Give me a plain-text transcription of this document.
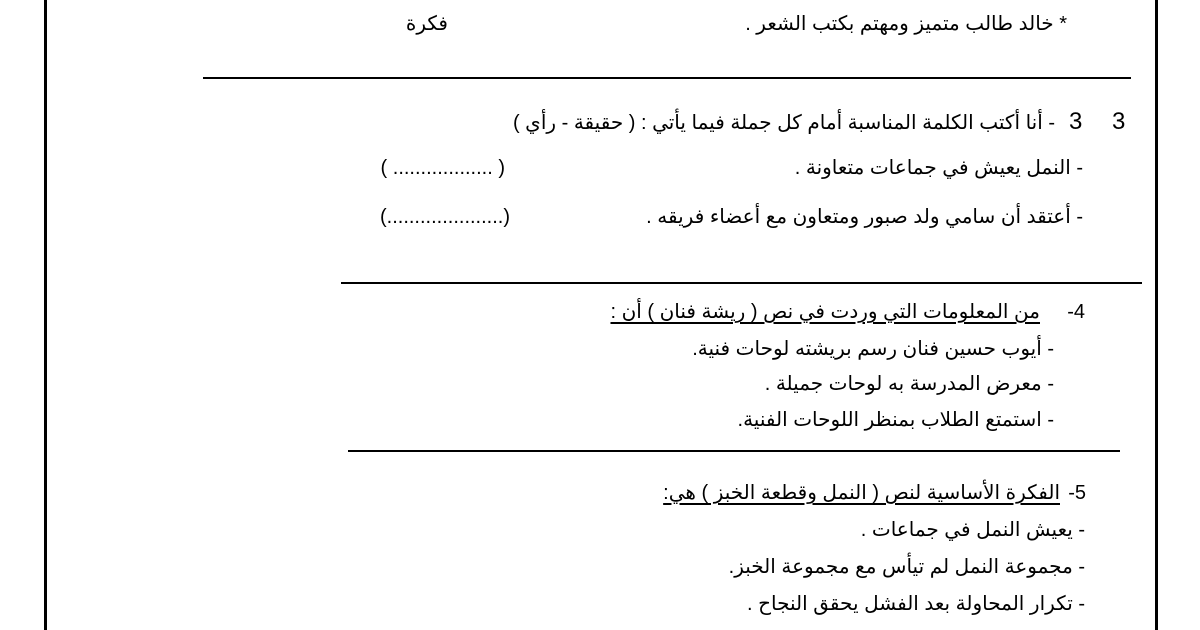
* خالد طالب متميز ومهتم بكتب الشعر .
فكرة
3
3
- أنا أكتب الكلمة المناسبة أمام كل جملة فيما يأتي : ( حقيقة - رأي )
- النمل يعيش في جماعات متعاونة .
( .................. )
- أعتقد أن سامي ولد صبور ومتعاون مع أعضاء فريقه .
(.....................)
-4
من المعلومات التي وردت في نص ( ريشة فنان ) أن :
- أيوب حسين فنان رسم بريشته لوحات فنية.
- معرض المدرسة به لوحات جميلة .
- استمتع الطلاب بمنظر اللوحات الفنية.
-5
الفكرة الأساسية لنص ( النمل وقطعة الخبز ) هي:
- يعيش النمل في جماعات .
- مجموعة النمل لم تيأس مع مجموعة الخبز.
- تكرار المحاولة بعد الفشل يحقق النجاح .
